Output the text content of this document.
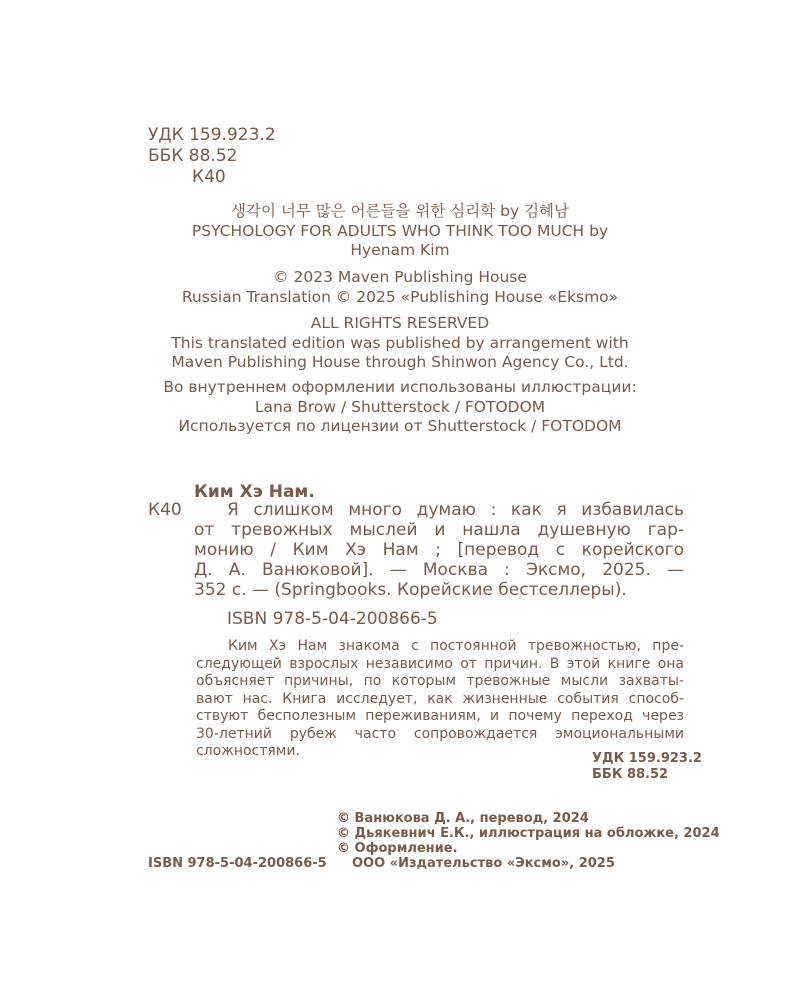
УДК 159.923.2
ББК 88.52
К40
생각이 너무 많은 어른들을 위한 심리학 by 김혜남
PSYCHOLOGY FOR ADULTS WHO THINK TOO MUCH by
Hyenam Kim
© 2023 Maven Publishing House
Russian Translation © 2025 «Publishing House «Eksmo»
ALL RIGHTS RESERVED
This translated edition was published by arrangement with
Maven Publishing House through Shinwon Agency Co., Ltd.
Во внутреннем оформлении использованы иллюстрации:
Lana Brow / Shutterstock / FOTODOM
Используется по лицензии от Shutterstock / FOTODOM
Ким Хэ Нам.
К40	Я слишком много думаю : как я избавилась
от тревожных мыслей и нашла душевную гар-
монию / Ким Хэ Нам ; [перевод с корейского
Д. А. Ванюковой]. — Москва : Эксмо, 2025. —
352 с. — (Springbooks. Корейские бестселлеры).
ISBN 978-5-04-200866-5
Ким Хэ Нам знакома с постоянной тревожностью, пре-
следующей взрослых независимо от причин. В этой книге она
объясняет причины, по которым тревожные мысли захваты-
вают нас. Книга исследует, как жизненные события способ-
ствуют бесполезным переживаниям, и почему переход через
30-летний рубеж часто сопровождается эмоциональными
сложностями.	УДК 159.923.2
ББК 88.52
© Ванюкова Д. А., перевод, 2024
© Дьякевнич Е.К., иллюстрация на обложке, 2024
© Оформление.
ISBN 978-5-04-200866-5 ООО «Издательство «Эксмо», 2025
